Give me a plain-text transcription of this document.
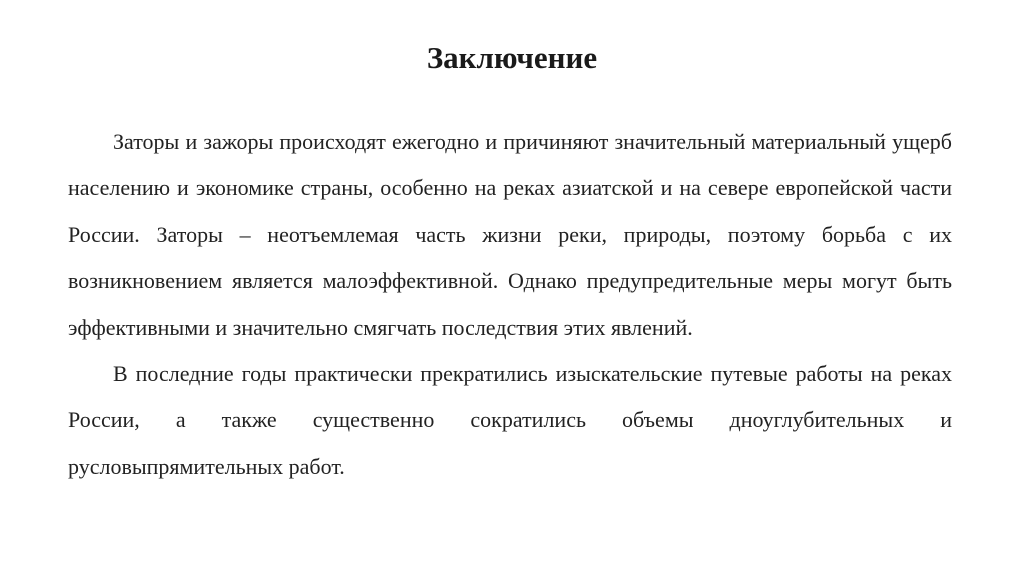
Заключение

Заторы и зажоры происходят ежегодно и причиняют значительный материальный ущерб населению и экономике страны, особенно на реках азиатской и на севере европейской части России. Заторы – неотъемлемая часть жизни реки, природы, поэтому борьба с их возникновением является малоэффективной. Однако предупредительные меры могут быть эффективными и значительно смягчать последствия этих явлений.

В последние годы практически прекратились изыскательские путевые работы на реках России, а также существенно сократились объемы дноуглубительных и русловыпрямительных работ.
